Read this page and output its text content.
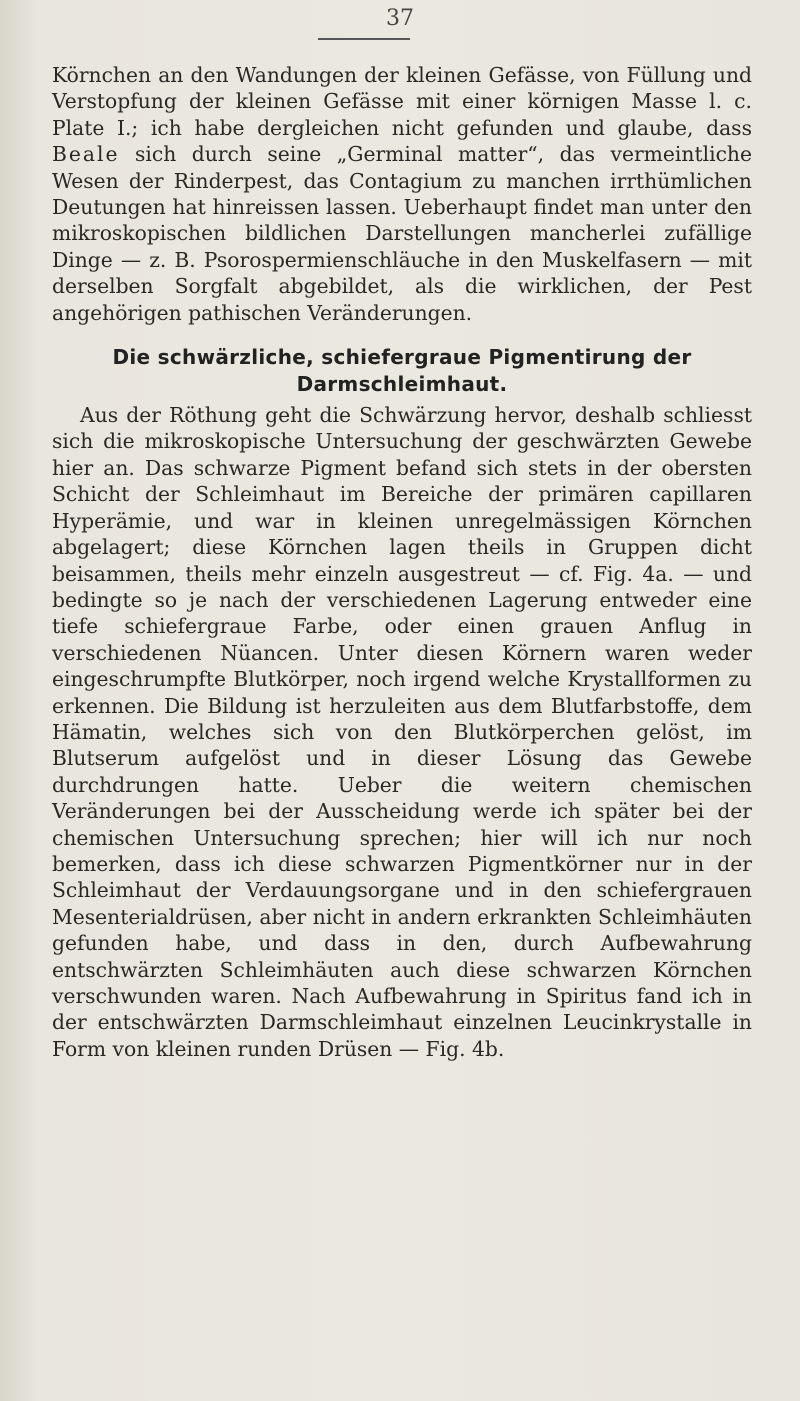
37

Körnchen an den Wandungen der kleinen Gefässe, von Füllung und Verstopfung der kleinen Gefässe mit einer körnigen Masse l. c. Plate I.; ich habe dergleichen nicht gefunden und glaube, dass Beale sich durch seine „Germinal matter“, das vermeintliche Wesen der Rinderpest, das Contagium zu manchen irrthümlichen Deutungen hat hinreissen lassen. Ueberhaupt findet man unter den mikroskopischen bildlichen Darstellungen mancherlei zufällige Dinge — z. B. Psorospermienschläuche in den Muskelfasern — mit derselben Sorgfalt abgebildet, als die wirklichen, der Pest angehörigen pathischen Veränderungen.

Die schwärzliche, schiefergraue Pigmentirung der
Darmschleimhaut.

Aus der Röthung geht die Schwärzung hervor, deshalb schliesst sich die mikroskopische Untersuchung der geschwärzten Gewebe hier an. Das schwarze Pigment befand sich stets in der obersten Schicht der Schleimhaut im Bereiche der primären capillaren Hyperämie, und war in kleinen unregelmässigen Körnchen abgelagert; diese Körnchen lagen theils in Gruppen dicht beisammen, theils mehr einzeln ausgestreut — cf. Fig. 4a. — und bedingte so je nach der verschiedenen Lagerung entweder eine tiefe schiefergraue Farbe, oder einen grauen Anflug in verschiedenen Nüancen. Unter diesen Körnern waren weder eingeschrumpfte Blutkörper, noch irgend welche Krystallformen zu erkennen. Die Bildung ist herzuleiten aus dem Blutfarbstoffe, dem Hämatin, welches sich von den Blutkörperchen gelöst, im Blutserum aufgelöst und in dieser Lösung das Gewebe durchdrungen hatte. Ueber die weitern chemischen Veränderungen bei der Ausscheidung werde ich später bei der chemischen Untersuchung sprechen; hier will ich nur noch bemerken, dass ich diese schwarzen Pigmentkörner nur in der Schleimhaut der Verdauungsorgane und in den schiefergrauen Mesenterialdrüsen, aber nicht in andern erkrankten Schleimhäuten gefunden habe, und dass in den, durch Aufbewahrung entschwärzten Schleimhäuten auch diese schwarzen Körnchen verschwunden waren. Nach Aufbewahrung in Spiritus fand ich in der entschwärzten Darmschleimhaut einzelnen Leucinkrystalle in Form von kleinen runden Drüsen — Fig. 4b.
